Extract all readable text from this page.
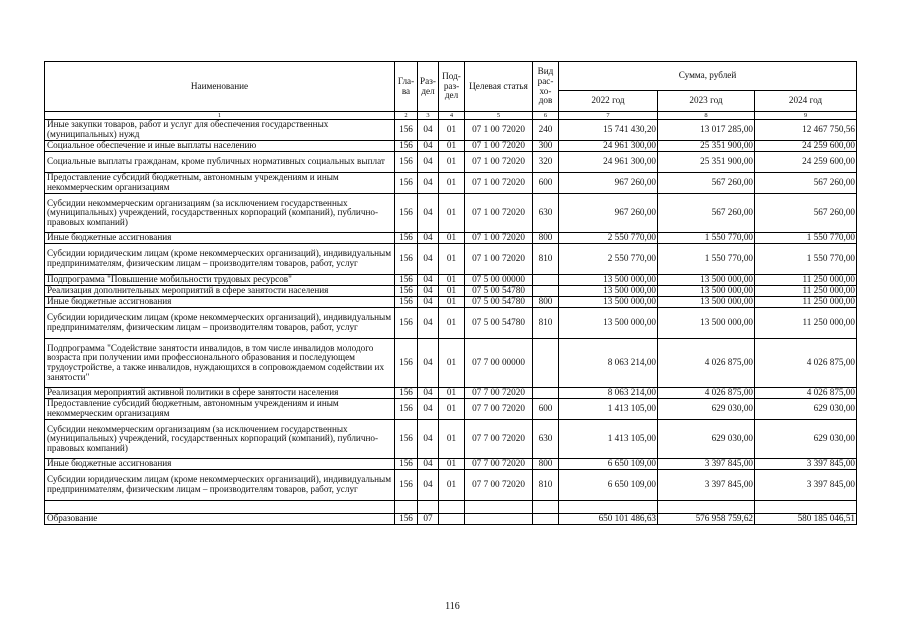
Наименование	Гла-ва	Раз-дел	Под-раз-дел	Целевая статья	Вид рас-хо-дов	Сумма, рублей		
						2022 год	2023 год	2024 год
1	2	3	4	5	6	7	8	9
Иные закупки товаров, работ и услуг для обеспечения государственных (муниципальных) нужд	156	04	01	07 1 00 72020	240	15 741 430,20	13 017 285,00	12 467 750,56
Социальное обеспечение и иные выплаты населению	156	04	01	07 1 00 72020	300	24 961 300,00	25 351 900,00	24 259 600,00
Социальные выплаты гражданам, кроме публичных нормативных социальных выплат	156	04	01	07 1 00 72020	320	24 961 300,00	25 351 900,00	24 259 600,00
Предоставление субсидий бюджетным, автономным учреждениям и иным некоммерческим организациям	156	04	01	07 1 00 72020	600	967 260,00	567 260,00	567 260,00
Субсидии некоммерческим организациям (за исключением государственных (муниципальных) учреждений, государственных корпораций (компаний), публично-правовых компаний)	156	04	01	07 1 00 72020	630	967 260,00	567 260,00	567 260,00
Иные бюджетные ассигнования	156	04	01	07 1 00 72020	800	2 550 770,00	1 550 770,00	1 550 770,00
Субсидии юридическим лицам (кроме некоммерческих организаций), индивидуальным предпринимателям, физическим лицам – производителям товаров, работ, услуг	156	04	01	07 1 00 72020	810	2 550 770,00	1 550 770,00	1 550 770,00
Подпрограмма "Повышение мобильности трудовых ресурсов"	156	04	01	07 5 00 00000		13 500 000,00	13 500 000,00	11 250 000,00
Реализация дополнительных мероприятий в сфере занятости населения	156	04	01	07 5 00 54780		13 500 000,00	13 500 000,00	11 250 000,00
Иные бюджетные ассигнования	156	04	01	07 5 00 54780	800	13 500 000,00	13 500 000,00	11 250 000,00
Субсидии юридическим лицам (кроме некоммерческих организаций), индивидуальным предпринимателям, физическим лицам – производителям товаров, работ, услуг	156	04	01	07 5 00 54780	810	13 500 000,00	13 500 000,00	11 250 000,00
Подпрограмма "Содействие занятости инвалидов, в том числе инвалидов молодого возраста при получении ими профессионального образования и последующем трудоустройстве, а также инвалидов, нуждающихся в сопровождаемом содействии их занятости"	156	04	01	07 7 00 00000		8 063 214,00	4 026 875,00	4 026 875,00
Реализация мероприятий активной политики в сфере занятости населения	156	04	01	07 7 00 72020		8 063 214,00	4 026 875,00	4 026 875,00
Предоставление субсидий бюджетным, автономным учреждениям и иным некоммерческим организациям	156	04	01	07 7 00 72020	600	1 413 105,00	629 030,00	629 030,00
Субсидии некоммерческим организациям (за исключением государственных (муниципальных) учреждений, государственных корпораций (компаний), публично-правовых компаний)	156	04	01	07 7 00 72020	630	1 413 105,00	629 030,00	629 030,00
Иные бюджетные ассигнования	156	04	01	07 7 00 72020	800	6 650 109,00	3 397 845,00	3 397 845,00
Субсидии юридическим лицам (кроме некоммерческих организаций), индивидуальным предпринимателям, физическим лицам – производителям товаров, работ, услуг	156	04	01	07 7 00 72020	810	6 650 109,00	3 397 845,00	3 397 845,00

Образование	156	07				650 101 486,63	576 958 759,62	580 185 046,51
116
